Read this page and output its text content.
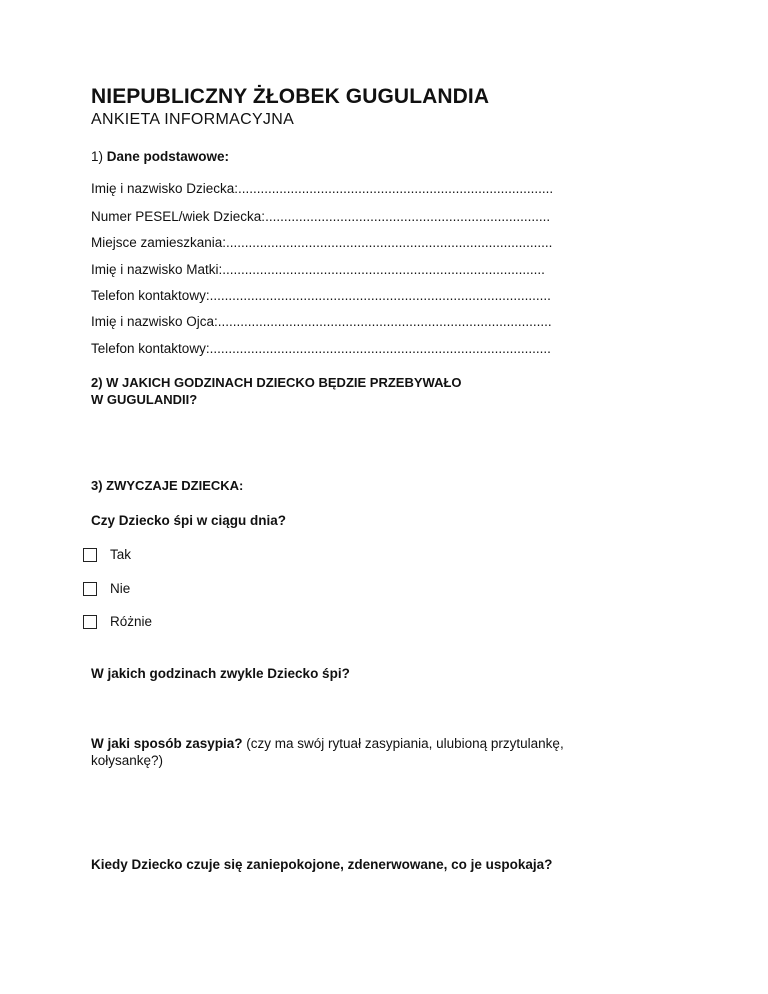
NIEPUBLICZNY ŻŁOBEK GUGULANDIA

ANKIETA INFORMACYJNA

1) Dane podstawowe:

Imię i nazwisko Dziecka:....................................................................................
Numer PESEL/wiek Dziecka:............................................................................
Miejsce zamieszkania:.......................................................................................
Imię i nazwisko Matki:......................................................................................
Telefon kontaktowy:...........................................................................................
Imię i nazwisko Ojca:.........................................................................................
Telefon kontaktowy:...........................................................................................

2) W JAKICH GODZINACH DZIECKO BĘDZIE PRZEBYWAŁO

W GUGULANDII?

3) ZWYCZAJE DZIECKA:

Czy Dziecko śpi w ciągu dnia?

Tak
Nie
Różnie

W jakich godzinach zwykle Dziecko śpi?

W jaki sposób zasypia? (czy ma swój rytuał zasypiania, ulubioną przytulankę,

kołysankę?)

Kiedy Dziecko czuje się zaniepokojone, zdenerwowane, co je uspokaja?
